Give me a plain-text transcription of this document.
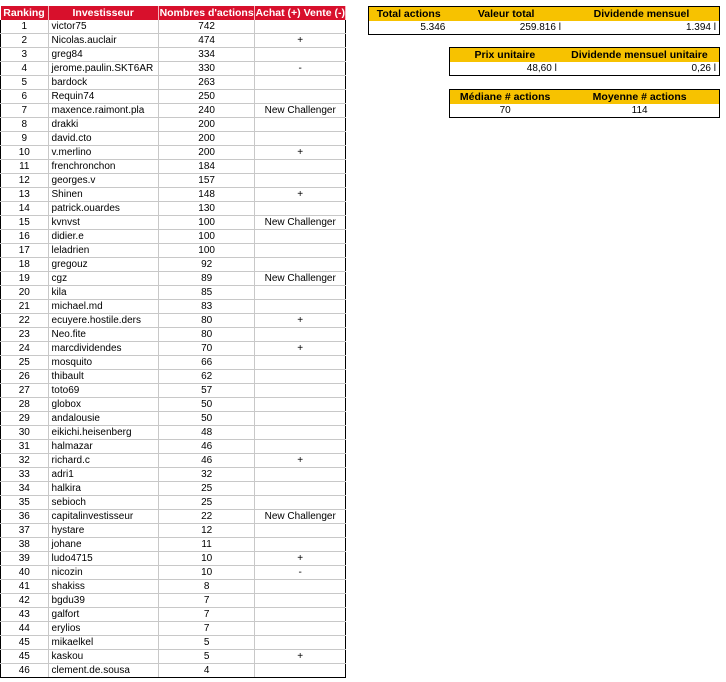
Ranking	Investisseur	Nombres d'actions	Achat (+) Vente (-)
1	victor75	742	
2	Nicolas.auclair	474	+
3	greg84	334	
4	jerome.paulin.SKT6AR	330	-
5	bardock	263	
6	Requin74	250	
7	maxence.raimont.pla	240	New Challenger
8	drakki	200	
9	david.cto	200	
10	v.merlino	200	+
11	frenchronchon	184	
12	georges.v	157	
13	Shinen	148	+
14	patrick.ouardes	130	
15	kvnvst	100	New Challenger
16	didier.e	100	
17	leladrien	100	
18	gregouz	92	
19	cgz	89	New Challenger
20	kila	85	
21	michael.md	83	
22	ecuyere.hostile.ders	80	+
23	Neo.fite	80	
24	marcdividendes	70	+
25	mosquito	66	
26	thibault	62	
27	toto69	57	
28	globox	50	
29	andalousie	50	
30	eikichi.heisenberg	48	
31	halmazar	46	
32	richard.c	46	+
33	adri1	32	
34	halkira	25	
35	sebioch	25	
36	capitalinvestisseur	22	New Challenger
37	hystare	12	
38	johane	11	
39	ludo4715	10	+
40	nicozin	10	-
41	shakiss	8	
42	bgdu39	7	
43	galfort	7	
44	erylios	7	
45	mikaelkel	5	
45	kaskou	5	+
46	clement.de.sousa	4	
Total actions	Valeur total	Dividende mensuel
5.346	259.816 l	1.394 l
Prix unitaire	Dividende mensuel unitaire
48,60 l	0,26 l
Médiane # actions	Moyenne # actions
70	114
